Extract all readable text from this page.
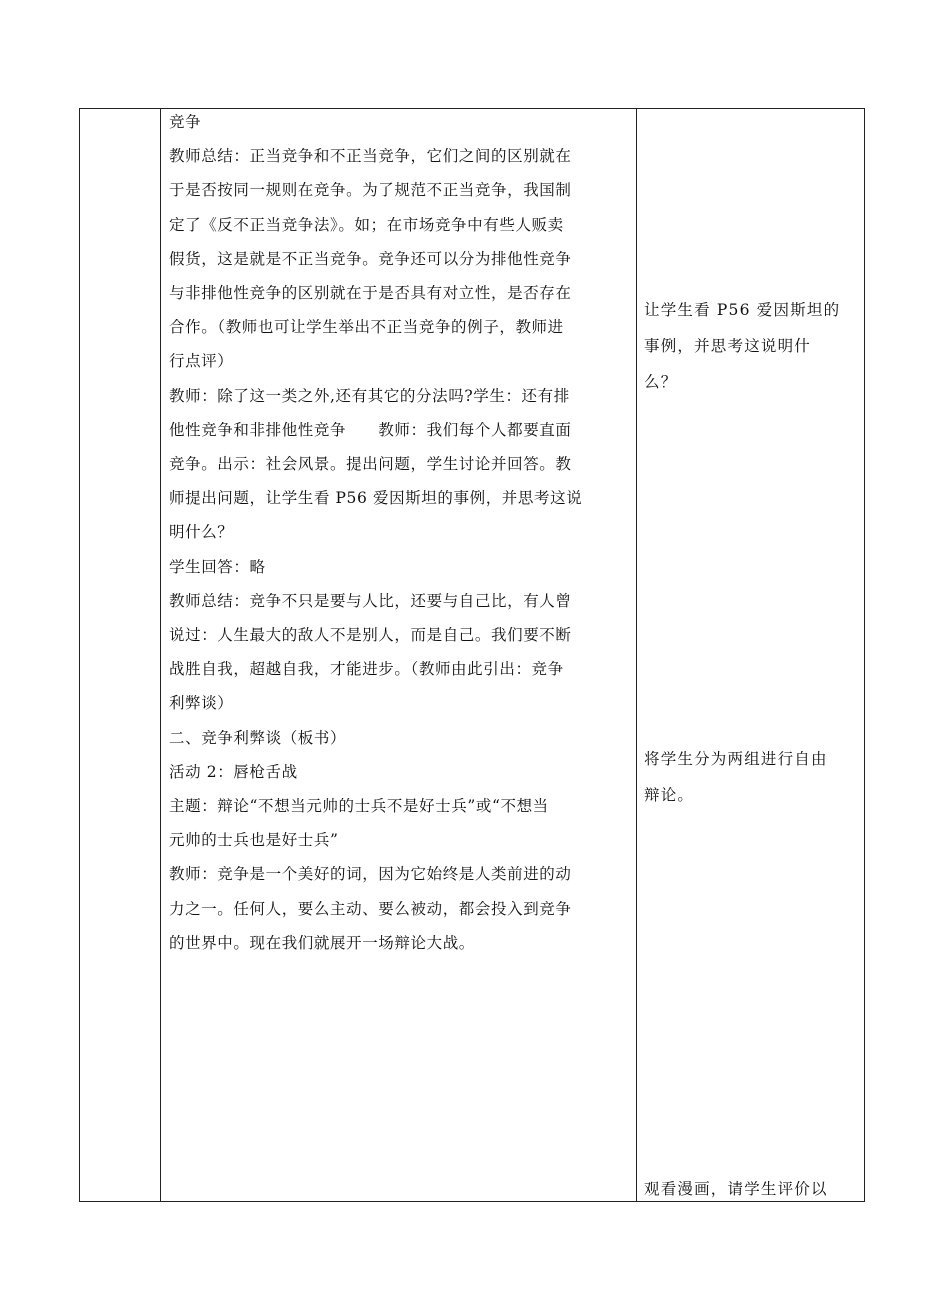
竞争

教师总结：正当竞争和不正当竞争，它们之间的区别就在

于是否按同一规则在竞争。为了规范不正当竞争，我国制

定了《反不正当竞争法》。如；在市场竞争中有些人贩卖

假货，这是就是不正当竞争。竞争还可以分为排他性竞争

与非排他性竞争的区别就在于是否具有对立性，是否存在

合作。（教师也可让学生举出不正当竞争的例子，教师进

行点评）

教师：除了这一类之外,还有其它的分法吗?学生：还有排

他性竞争和非排他性竞争　　教师：我们每个人都要直面

竞争。出示：社会风景。提出问题，学生讨论并回答。教

师提出问题，让学生看 P56 爱因斯坦的事例，并思考这说

明什么？

学生回答：略

教师总结：竞争不只是要与人比，还要与自己比，有人曾

说过：人生最大的敌人不是别人，而是自己。我们要不断

战胜自我，超越自我，才能进步。（教师由此引出：竞争

利弊谈）

二、竞争利弊谈（板书）

活动 2：唇枪舌战

主题：辩论“不想当元帅的士兵不是好士兵”或“不想当

元帅的士兵也是好士兵”

教师：竞争是一个美好的词，因为它始终是人类前进的动

力之一。任何人，要么主动、要么被动，都会投入到竞争

的世界中。现在我们就展开一场辩论大战。

让学生看 P56 爱因斯坦的

事例，并思考这说明什

么？

将学生分为两组进行自由

辩论。

观看漫画，请学生评价以
